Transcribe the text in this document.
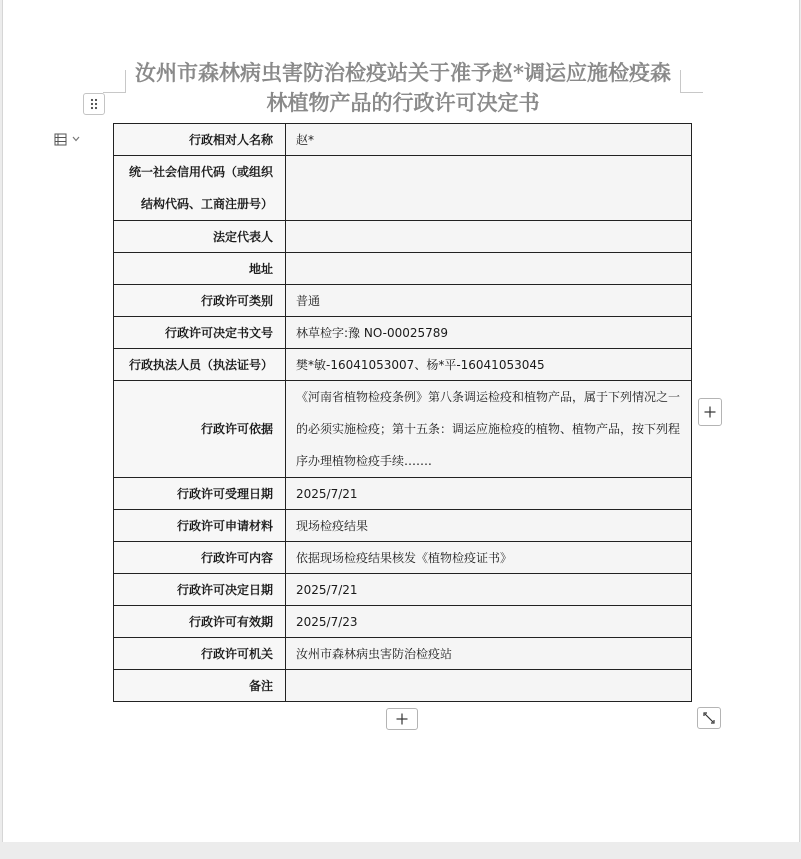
汝州市森林病虫害防治检疫站关于准予赵*调运应施检疫森林植物产品的行政许可决定书
行政相对人名称	赵*
统一社会信用代码（或组织结构代码、工商注册号）	
法定代表人	
地址	
行政许可类别	普通
行政许可决定书文号	林草检字:豫 NO-00025789
行政执法人员（执法证号）	樊*敏-16041053007、杨*平-16041053045
行政许可依据	《河南省植物检疫条例》第八条调运检疫和植物产品，属于下列情况之一的必须实施检疫；第十五条：调运应施检疫的植物、植物产品，按下列程序办理植物检疫手续…….
行政许可受理日期	2025/7/21
行政许可申请材料	现场检疫结果
行政许可内容	依据现场检疫结果核发《植物检疫证书》
行政许可决定日期	2025/7/21
行政许可有效期	2025/7/23
行政许可机关	汝州市森林病虫害防治检疫站
备注	
